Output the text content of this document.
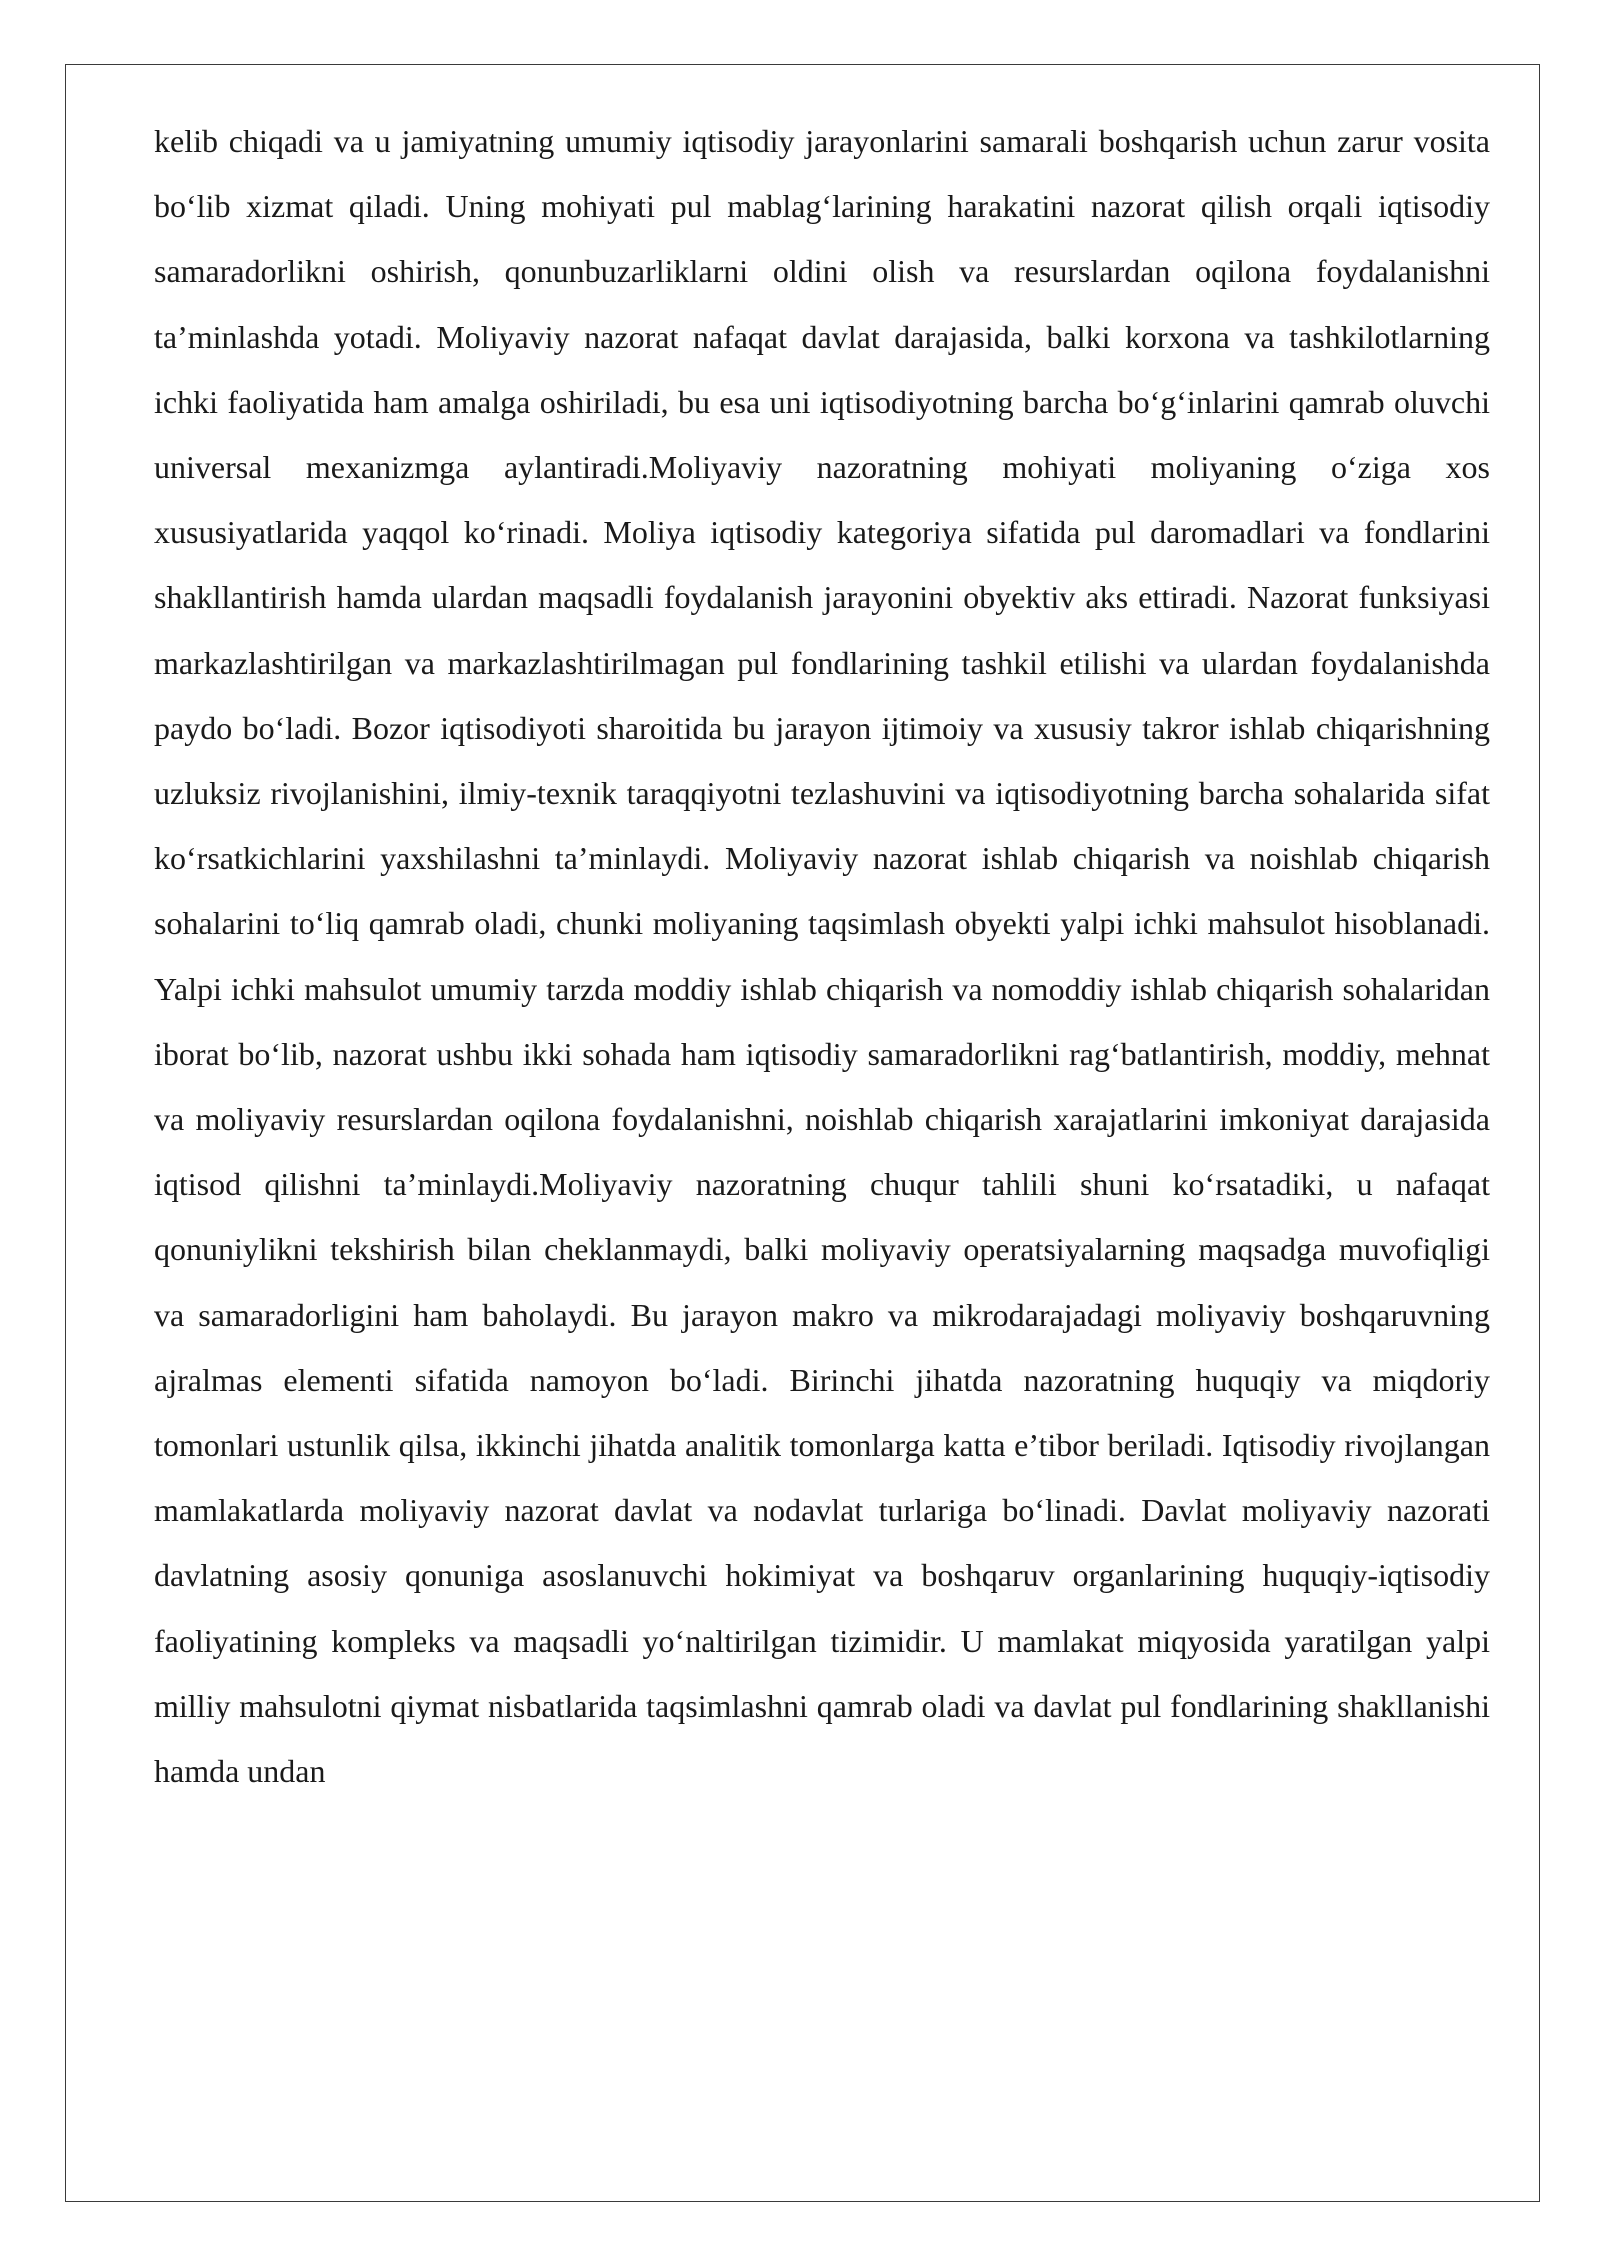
kelib chiqadi va u jamiyatning umumiy iqtisodiy jarayonlarini samarali boshqarish uchun zarur vosita bo‘lib xizmat qiladi. Uning mohiyati pul mablag‘larining harakatini nazorat qilish orqali iqtisodiy samaradorlikni oshirish, qonunbuzarliklarni oldini olish va resurslardan oqilona foydalanishni ta’minlashda yotadi. Moliyaviy nazorat nafaqat davlat darajasida, balki korxona va tashkilotlarning ichki faoliyatida ham amalga oshiriladi, bu esa uni iqtisodiyotning barcha bo‘g‘inlarini qamrab oluvchi universal mexanizmga aylantiradi.Moliyaviy nazoratning mohiyati moliyaning o‘ziga xos xususiyatlarida yaqqol ko‘rinadi. Moliya iqtisodiy kategoriya sifatida pul daromadlari va fondlarini shakllantirish hamda ulardan maqsadli foydalanish jarayonini obyektiv aks ettiradi. Nazorat funksiyasi markazlashtirilgan va markazlashtirilmagan pul fondlarining tashkil etilishi va ulardan foydalanishda paydo bo‘ladi. Bozor iqtisodiyoti sharoitida bu jarayon ijtimoiy va xususiy takror ishlab chiqarishning uzluksiz rivojlanishini, ilmiy-texnik taraqqiyotni tezlashuvini va iqtisodiyotning barcha sohalarida sifat ko‘rsatkichlarini yaxshilashni ta’minlaydi. Moliyaviy nazorat ishlab chiqarish va noishlab chiqarish sohalarini to‘liq qamrab oladi, chunki moliyaning taqsimlash obyekti yalpi ichki mahsulot hisoblanadi. Yalpi ichki mahsulot umumiy tarzda moddiy ishlab chiqarish va nomoddiy ishlab chiqarish sohalaridan iborat bo‘lib, nazorat ushbu ikki sohada ham iqtisodiy samaradorlikni rag‘batlantirish, moddiy, mehnat va moliyaviy resurslardan oqilona foydalanishni, noishlab chiqarish xarajatlarini imkoniyat darajasida iqtisod qilishni ta’minlaydi.Moliyaviy nazoratning chuqur tahlili shuni ko‘rsatadiki, u nafaqat qonuniylikni tekshirish bilan cheklanmaydi, balki moliyaviy operatsiyalarning maqsadga muvofiqligi va samaradorligini ham baholaydi. Bu jarayon makro va mikrodarajadagi moliyaviy boshqaruvning ajralmas elementi sifatida namoyon bo‘ladi. Birinchi jihatda nazoratning huquqiy va miqdoriy tomonlari ustunlik qilsa, ikkinchi jihatda analitik tomonlarga katta e’tibor beriladi. Iqtisodiy rivojlangan mamlakatlarda moliyaviy nazorat davlat va nodavlat turlariga bo‘linadi. Davlat moliyaviy nazorati davlatning asosiy qonuniga asoslanuvchi hokimiyat va boshqaruv organlarining huquqiy-iqtisodiy faoliyatining kompleks va maqsadli yo‘naltirilgan tizimidir. U mamlakat miqyosida yaratilgan yalpi milliy mahsulotni qiymat nisbatlarida taqsimlashni qamrab oladi va davlat pul fondlarining shakllanishi hamda undan
